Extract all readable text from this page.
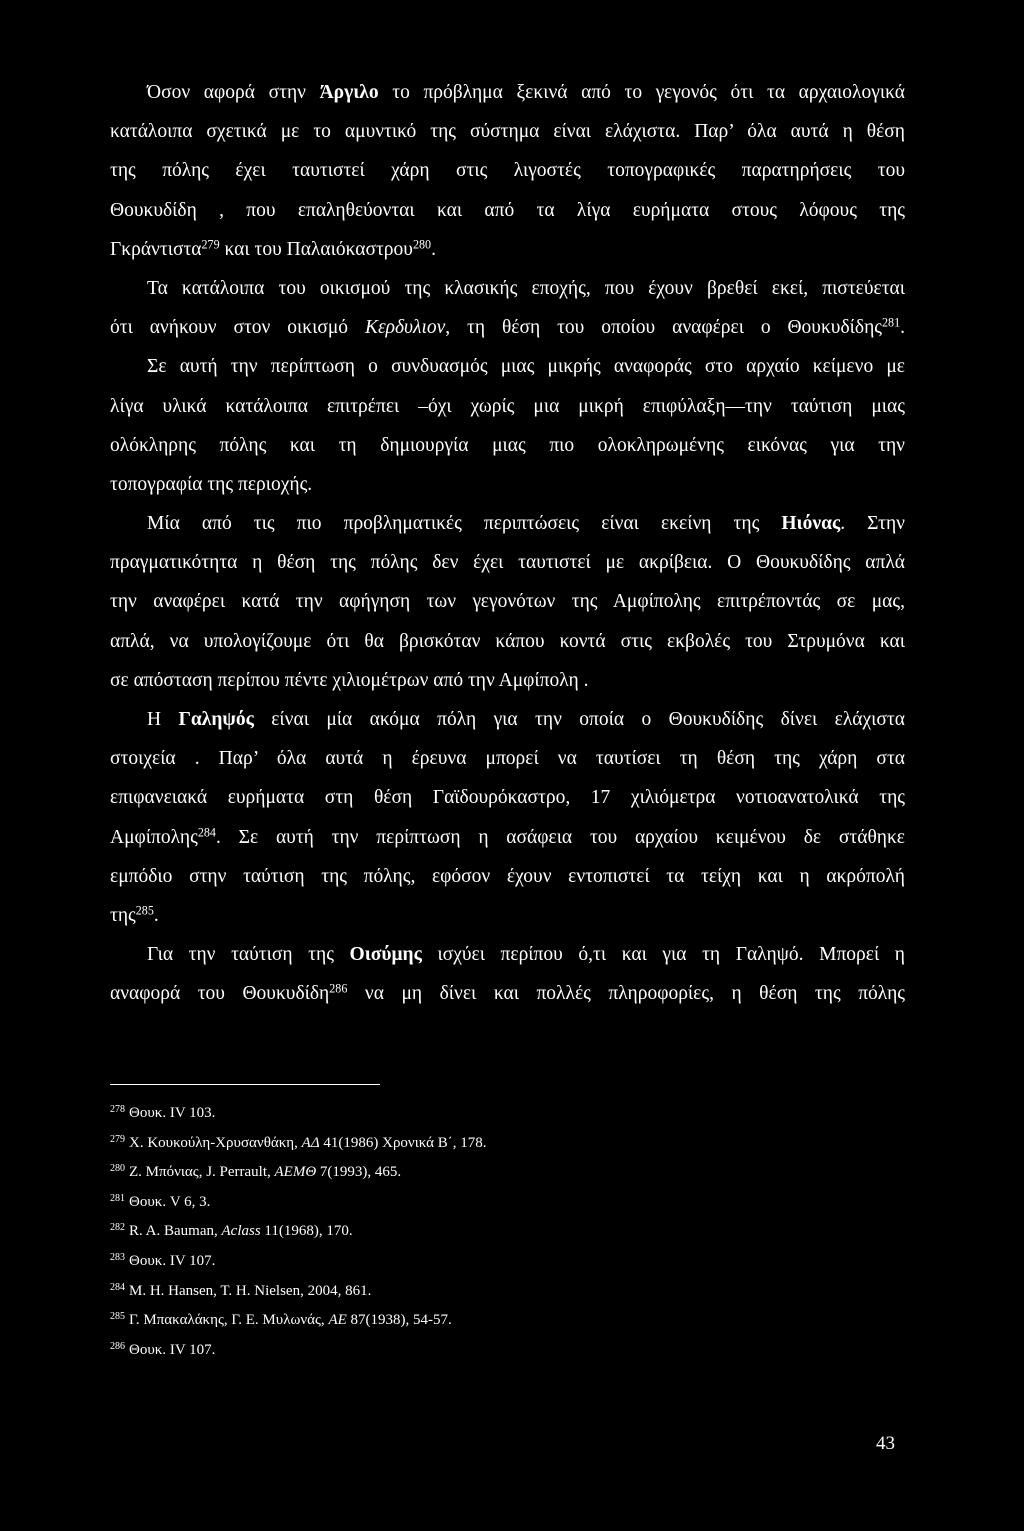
Όσον αφορά στην Άργιλο το πρόβλημα ξεκινά από το γεγονός ότι τα αρχαιολογικά
κατάλοιπα σχετικά με το αμυντικό της σύστημα είναι ελάχιστα. Παρ’ όλα αυτά η θέση
της πόλης έχει ταυτιστεί χάρη στις λιγοστές τοπογραφικές παρατηρήσεις του
Θουκυδίδη , που επαληθεύονται και από τα λίγα ευρήματα στους λόφους της
Γκράντιστα$^{279}$ και του Παλαιόκαστρου$^{280}$.
Τα κατάλοιπα του οικισμού της κλασικής εποχής, που έχουν βρεθεί εκεί, πιστεύεται
ότι ανήκουν στον οικισμό Κερδυλιον, τη θέση του οποίου αναφέρει ο Θουκυδίδης$^{281}$.
Σε αυτή την περίπτωση ο συνδυασμός μιας μικρής αναφοράς στο αρχαίο κείμενο με
λίγα υλικά κατάλοιπα επιτρέπει –όχι χωρίς μια μικρή επιφύλαξη—την ταύτιση μιας
ολόκληρης πόλης και τη δημιουργία μιας πιο ολοκληρωμένης εικόνας για την
τοπογραφία της περιοχής.
Μία από τις πιο προβληματικές περιπτώσεις είναι εκείνη της Ηιόνας. Στην
πραγματικότητα η θέση της πόλης δεν έχει ταυτιστεί με ακρίβεια. Ο Θουκυδίδης απλά
την αναφέρει κατά την αφήγηση των γεγονότων της Αμφίπολης επιτρέποντάς σε μας,
απλά, να υπολογίζουμε ότι θα βρισκόταν κάπου κοντά στις εκβολές του Στρυμόνα και
σε απόσταση περίπου πέντε χιλιομέτρων από την Αμφίπολη .
Η Γαληψός είναι μία ακόμα πόλη για την οποία ο Θουκυδίδης δίνει ελάχιστα
στοιχεία . Παρ’ όλα αυτά η έρευνα μπορεί να ταυτίσει τη θέση της χάρη στα
επιφανειακά ευρήματα στη θέση Γαϊδουρόκαστρο, 17 χιλιόμετρα νοτιοανατολικά της
Αμφίπολης$^{284}$. Σε αυτή την περίπτωση η ασάφεια του αρχαίου κειμένου δε στάθηκε
εμπόδιο στην ταύτιση της πόλης, εφόσον έχουν εντοπιστεί τα τείχη και η ακρόπολή
της$^{285}$.
Για την ταύτιση της Οισύμης ισχύει περίπου ό,τι και για τη Γαληψό. Μπορεί η
αναφορά του Θουκυδίδη$^{286}$ να μη δίνει και πολλές πληροφορίες, η θέση της πόλης
$^{278}$ Θουκ. IV 103.
$^{279}$ Χ. Κουκούλη-Χρυσανθάκη, ΑΔ 41(1986) Χρονικά Β΄, 178.
$^{280}$ Ζ. Μπόνιας, J. Perrault, ΑΕΜΘ 7(1993), 465.
$^{281}$ Θουκ. V 6, 3.
$^{282}$ R. A. Bauman, Aclass 11(1968), 170.
$^{283}$ Θουκ. IV 107.
$^{284}$ M. H. Hansen, T. H. Nielsen, 2004, 861.
$^{285}$ Γ. Μπακαλάκης, Γ. Ε. Μυλωνάς, ΑΕ 87(1938), 54-57.
$^{286}$ Θουκ. IV 107.
43
